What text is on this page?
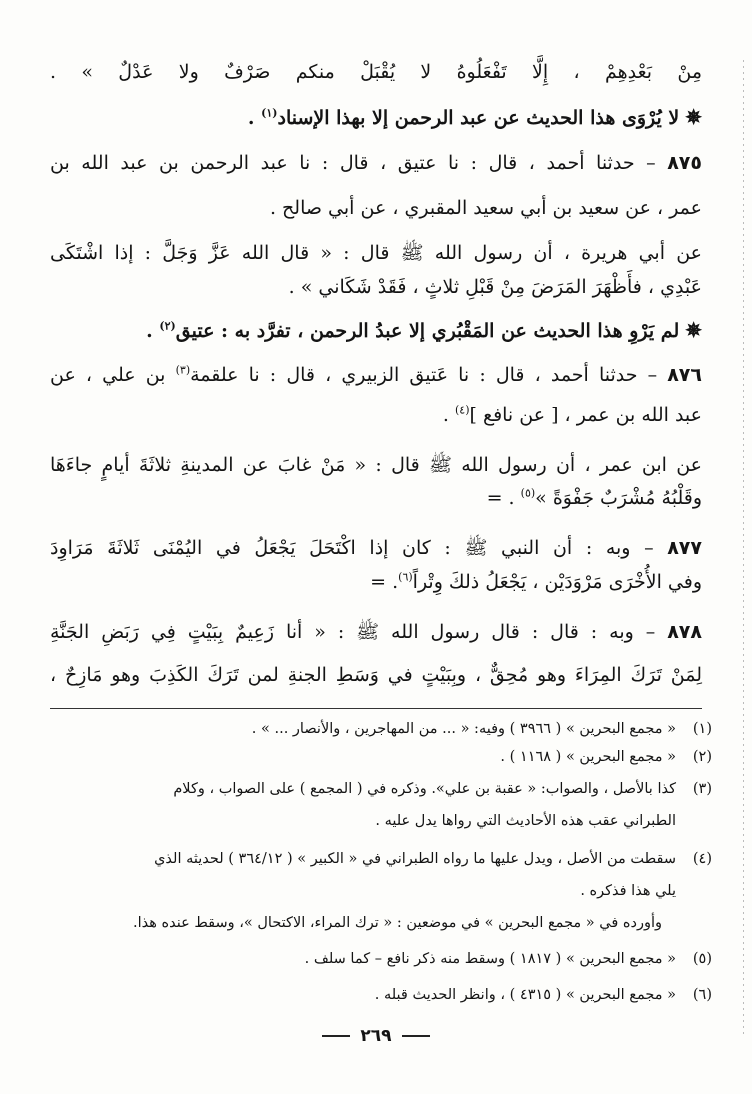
مِنْ بَعْدِهِمْ ، إِلَّا تَفْعَلُوهُ لا يُقْبَلْ منكم صَرْفٌ ولا عَدْلٌ » .
✵لا يُرْوَى هذا الحديث عن عبد الرحمن إلا بهذا الإسناد$^{(١)}$ .
٨٧٥ – حدثنا أحمد ، قال : نا عتيق ، قال : نا عبد الرحمن بن عبد الله بن
عمر ، عن سعيد بن أبي سعيد المقبري ، عن أبي صالح .
عن أبي هريرة ، أن رسول الله ﷺ قال : « قال الله عَزَّ وَجَلَّ : إذا اشْتَكَى
عَبْدِي ، فأَظْهَرَ المَرَضَ مِنْ قَبْلِ ثلاثٍ ، فَقَدْ شَكَاني » .
✵لم يَرْوِ هذا الحديث عن المَقْبُري إلا عبدُ الرحمن ، تفرَّد به : عتيق$^{(٢)}$ .
٨٧٦ – حدثنا أحمد ، قال : نا عَتيق الزبيري ، قال : نا علقمة$^{(٣)}$ بن علي ، عن
عبد الله بن عمر ، [ عن نافع ]$^{(٤)}$ .
عن ابن عمر ، أن رسول الله ﷺ قال : « مَنْ غابَ عن المدينةِ ثلاثَةَ أيامٍ جاءَهَا
وقَلْبُهُ مُشْرَبٌ جَفْوَةً »$^{(٥)}$ . =
٨٧٧ – وبه : أن النبي ﷺ : كان إذا اكْتَحَلَ يَجْعَلُ في اليُمْنَى ثَلاثَةَ مَرَاوِدَ
وفي الأُخْرَى مَرْوَدَيْن ، يَجْعَلُ ذلكَ وِتْراً$^{(٦)}$. =
٨٧٨ – وبه : قال : قال رسول الله ﷺ : « أنا زَعِيمٌ بِبَيْتٍ فِي رَبَضِ الجَنَّةِ
لِمَنْ تَرَكَ المِرَاءَ وهو مُحِقٌّ ، وبِبَيْتٍ في وَسَطِ الجنةِ لمن تَرَكَ الكَذِبَ وهو مَازِحٌ ،
(١)« مجمع البحرين » ( ٣٩٦٦ ) وفيه: « ... من المهاجرين ، والأنصار ... » .
(٢)« مجمع البحرين » ( ١١٦٨ ) .
(٣)كذا بالأصل ، والصواب: « عقبة بن علي». وذكره في ( المجمع ) على الصواب ، وكلام
الطبراني عقب هذه الأحاديث التي رواها يدل عليه .
(٤)سقطت من الأصل ، ويدل عليها ما رواه الطبراني في « الكبير » ( ٣٦٤/١٢ ) لحديثه الذي
يلي هذا فذكره .
وأورده في « مجمع البحرين » في موضعين : « ترك المراء، الاكتحال »، وسقط عنده هذا.
(٥)« مجمع البحرين » ( ١٨١٧ ) وسقط منه ذكر نافع – كما سلف .
(٦)« مجمع البحرين » ( ٤٣١٥ ) ، وانظر الحديث قبله .
٢٦٩
